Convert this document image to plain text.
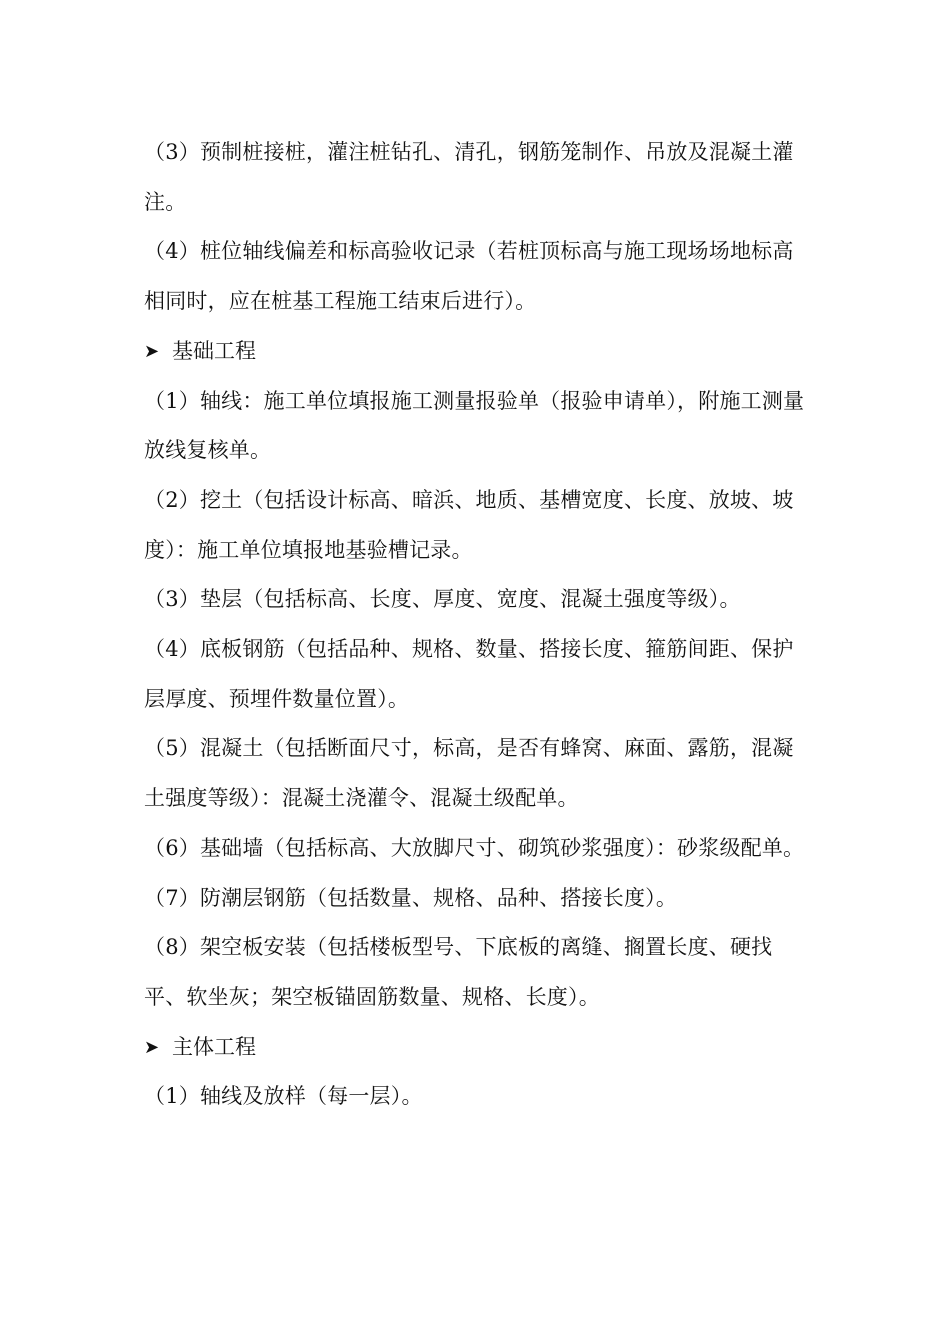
（3）预制桩接桩，灌注桩钻孔、清孔，钢筋笼制作、吊放及混凝土灌注。

（4）桩位轴线偏差和标高验收记录（若桩顶标高与施工现场场地标高相同时，应在桩基工程施工结束后进行）。

➤ 基础工程

（1）轴线：施工单位填报施工测量报验单（报验申请单），附施工测量放线复核单。

（2）挖土（包括设计标高、暗浜、地质、基槽宽度、长度、放坡、坡度）：施工单位填报地基验槽记录。

（3）垫层（包括标高、长度、厚度、宽度、混凝土强度等级）。

（4）底板钢筋（包括品种、规格、数量、搭接长度、箍筋间距、保护层厚度、预埋件数量位置）。

（5）混凝土（包括断面尺寸，标高，是否有蜂窝、麻面、露筋，混凝土强度等级）：混凝土浇灌令、混凝土级配单。

（6）基础墙（包括标高、大放脚尺寸、砌筑砂浆强度）：砂浆级配单。

（7）防潮层钢筋（包括数量、规格、品种、搭接长度）。

（8）架空板安装（包括楼板型号、下底板的离缝、搁置长度、硬找平、软坐灰；架空板锚固筋数量、规格、长度）。

➤ 主体工程

（1）轴线及放样（每一层）。
